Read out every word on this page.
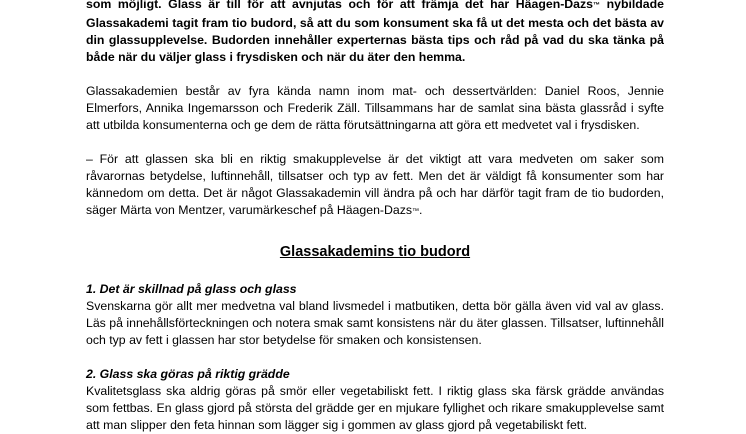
som möjligt. Glass är till för att avnjutas och för att främja det har Häagen-Dazs™ nybildade Glassakademi tagit fram tio budord, så att du som konsument ska få ut det mesta och det bästa av din glassupplevelse. Budorden innehåller experternas bästa tips och råd på vad du ska tänka på både när du väljer glass i frysdisken och när du äter den hemma.

Glassakademien består av fyra kända namn inom mat- och dessertvärlden: Daniel Roos, Jennie Elmerfors, Annika Ingemarsson och Frederik Zäll. Tillsammans har de samlat sina bästa glassråd i syfte att utbilda konsumenterna och ge dem de rätta förutsättningarna att göra ett medvetet val i frysdisken.

– För att glassen ska bli en riktig smakupplevelse är det viktigt att vara medveten om saker som råvarornas betydelse, luftinnehåll, tillsatser och typ av fett. Men det är väldigt få konsumenter som har kännedom om detta. Det är något Glassakademin vill ändra på och har därför tagit fram de tio budorden, säger Märta von Mentzer, varumärkeschef på Häagen-Dazs™.

Glassakademins tio budord

1. Det är skillnad på glass och glass

Svenskarna gör allt mer medvetna val bland livsmedel i matbutiken, detta bör gälla även vid val av glass. Läs på innehållsförteckningen och notera smak samt konsistens när du äter glassen. Tillsatser, luftinnehåll och typ av fett i glassen har stor betydelse för smaken och konsistensen.

2. Glass ska göras på riktig grädde

Kvalitetsglass ska aldrig göras på smör eller vegetabiliskt fett. I riktig glass ska färsk grädde användas som fettbas. En glass gjord på största del grädde ger en mjukare fyllighet och rikare smakupplevelse samt att man slipper den feta hinnan som lägger sig i gommen av glass gjord på vegetabiliskt fett.
